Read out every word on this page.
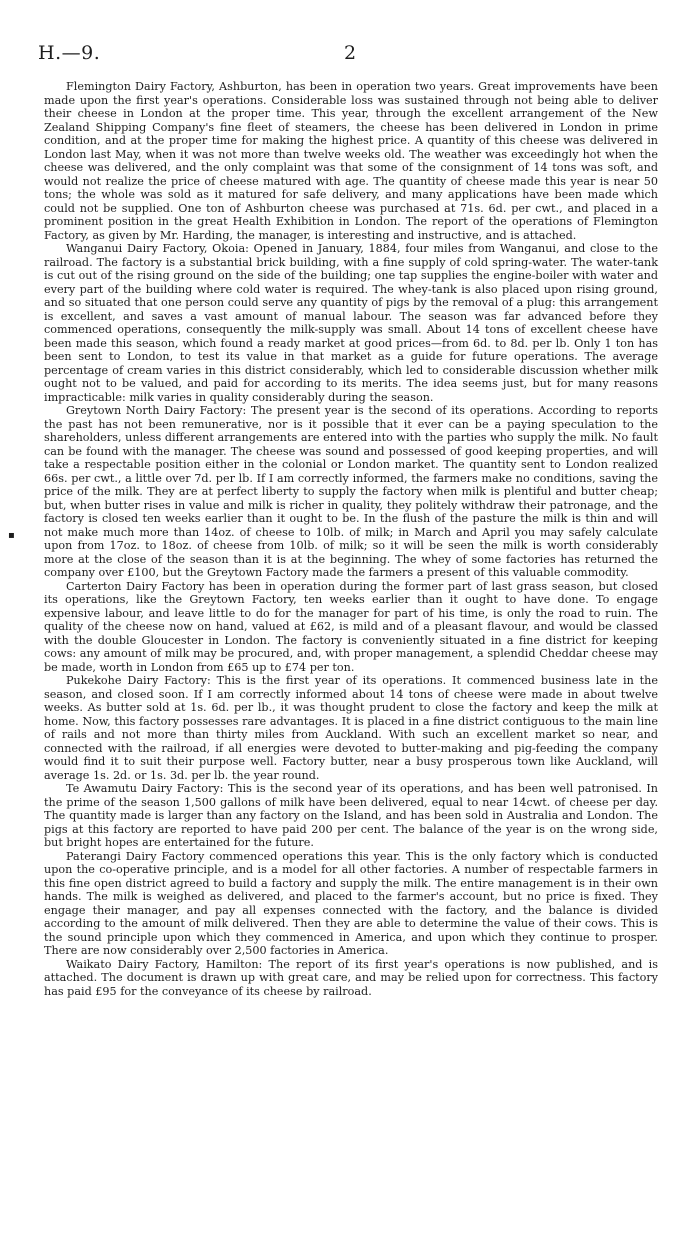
H.—9.	2
▪

Flemington Dairy Factory, Ashburton, has been in operation two years. Great improvements have been made upon the first year's operations. Considerable loss was sustained through not being able to deliver their cheese in London at the proper time. This year, through the excellent arrangement of the New Zealand Shipping Company's fine fleet of steamers, the cheese has been delivered in London in prime condition, and at the proper time for making the highest price. A quantity of this cheese was delivered in London last May, when it was not more than twelve weeks old. The weather was exceedingly hot when the cheese was delivered, and the only complaint was that some of the consignment of 14 tons was soft, and would not realize the price of cheese matured with age. The quantity of cheese made this year is near 50 tons; the whole was sold as it matured for safe delivery, and many applications have been made which could not be supplied. One ton of Ashburton cheese was purchased at 71s. 6d. per cwt., and placed in a prominent position in the great Health Exhibition in London. The report of the operations of Flemington Factory, as given by Mr. Harding, the manager, is interesting and instructive, and is attached.

Wanganui Dairy Factory, Okoia: Opened in January, 1884, four miles from Wanganui, and close to the railroad. The factory is a substantial brick building, with a fine supply of cold spring-water. The water-tank is cut out of the rising ground on the side of the building; one tap supplies the engine-boiler with water and every part of the building where cold water is required. The whey-tank is also placed upon rising ground, and so situated that one person could serve any quantity of pigs by the removal of a plug: this arrangement is excellent, and saves a vast amount of manual labour. The season was far advanced before they commenced operations, consequently the milk-supply was small. About 14 tons of excellent cheese have been made this season, which found a ready market at good prices—from 6d. to 8d. per lb. Only 1 ton has been sent to London, to test its value in that market as a guide for future operations. The average percentage of cream varies in this district considerably, which led to considerable discussion whether milk ought not to be valued, and paid for according to its merits. The idea seems just, but for many reasons impracticable: milk varies in quality considerably during the season.

Greytown North Dairy Factory: The present year is the second of its operations. According to reports the past has not been remunerative, nor is it possible that it ever can be a paying speculation to the shareholders, unless different arrangements are entered into with the parties who supply the milk. No fault can be found with the manager. The cheese was sound and possessed of good keeping properties, and will take a respectable position either in the colonial or London market. The quantity sent to London realized 66s. per cwt., a little over 7d. per lb. If I am correctly informed, the farmers make no conditions, saving the price of the milk. They are at perfect liberty to supply the factory when milk is plentiful and butter cheap; but, when butter rises in value and milk is richer in quality, they politely withdraw their patronage, and the factory is closed ten weeks earlier than it ought to be. In the flush of the pasture the milk is thin and will not make much more than 14oz. of cheese to 10lb. of milk; in March and April you may safely calculate upon from 17oz. to 18oz. of cheese from 10lb. of milk; so it will be seen the milk is worth considerably more at the close of the season than it is at the beginning. The whey of some factories has returned the company over £100, but the Greytown Factory made the farmers a present of this valuable commodity.

Carterton Dairy Factory has been in operation during the former part of last grass season, but closed its operations, like the Greytown Factory, ten weeks earlier than it ought to have done. To engage expensive labour, and leave little to do for the manager for part of his time, is only the road to ruin. The quality of the cheese now on hand, valued at £62, is mild and of a pleasant flavour, and would be classed with the double Gloucester in London. The factory is conveniently situated in a fine district for keeping cows: any amount of milk may be procured, and, with proper management, a splendid Cheddar cheese may be made, worth in London from £65 up to £74 per ton.

Pukekohe Dairy Factory: This is the first year of its operations. It commenced business late in the season, and closed soon. If I am correctly informed about 14 tons of cheese were made in about twelve weeks. As butter sold at 1s. 6d. per lb., it was thought prudent to close the factory and keep the milk at home. Now, this factory possesses rare advantages. It is placed in a fine district contiguous to the main line of rails and not more than thirty miles from Auckland. With such an excellent market so near, and connected with the railroad, if all energies were devoted to butter-making and pig-feeding the company would find it to suit their purpose well. Factory butter, near a busy prosperous town like Auckland, will average 1s. 2d. or 1s. 3d. per lb. the year round.

Te Awamutu Dairy Factory: This is the second year of its operations, and has been well patronised. In the prime of the season 1,500 gallons of milk have been delivered, equal to near 14cwt. of cheese per day. The quantity made is larger than any factory on the Island, and has been sold in Australia and London. The pigs at this factory are reported to have paid 200 per cent. The balance of the year is on the wrong side, but bright hopes are entertained for the future.

Paterangi Dairy Factory commenced operations this year. This is the only factory which is conducted upon the co-operative principle, and is a model for all other factories. A number of respectable farmers in this fine open district agreed to build a factory and supply the milk. The entire management is in their own hands. The milk is weighed as delivered, and placed to the farmer's account, but no price is fixed. They engage their manager, and pay all expenses connected with the factory, and the balance is divided according to the amount of milk delivered. Then they are able to determine the value of their cows. This is the sound principle upon which they commenced in America, and upon which they continue to prosper. There are now considerably over 2,500 factories in America.

Waikato Dairy Factory, Hamilton: The report of its first year's operations is now published, and is attached. The document is drawn up with great care, and may be relied upon for correctness. This factory has paid £95 for the conveyance of its cheese by railroad.
